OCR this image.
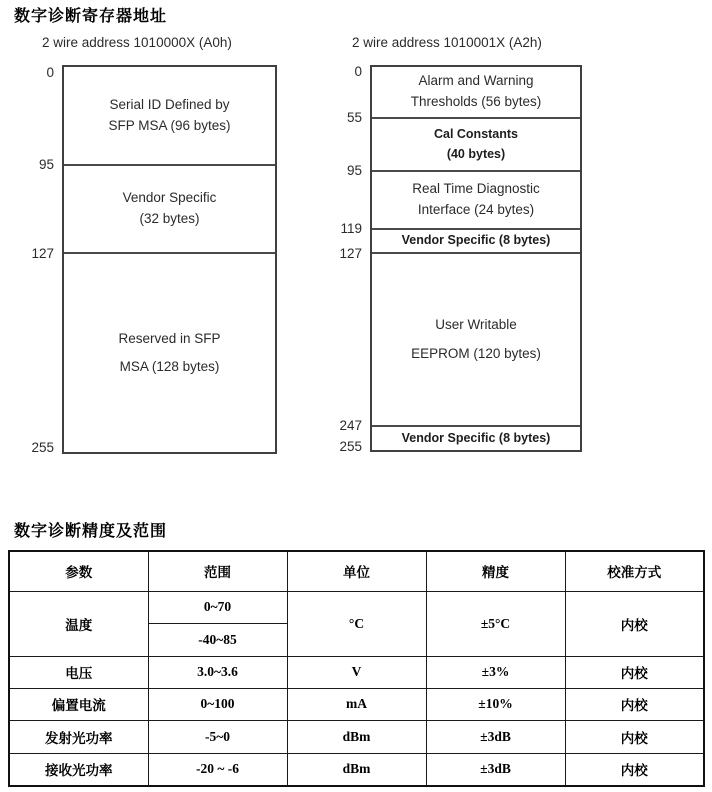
数字诊断寄存器地址
2 wire address 1010000X (A0h)
0
95
127
255
Serial ID Defined by
SFP MSA (96 bytes)
Vendor Specific
(32 bytes)
Reserved in SFP
MSA (128 bytes)
2 wire address 1010001X (A2h)
0
55
95
119
127
247
255
Alarm and Warning
Thresholds (56 bytes)
Cal Constants
(40 bytes)
Real Time Diagnostic
Interface (24 bytes)
Vendor Specific (8 bytes)
User Writable
EEPROM (120 bytes)
Vendor Specific (8 bytes)
数字诊断精度及范围
参数	范围	单位	精度	校准方式
温度	0~70	°C	±5°C	内校
	-40~85			
电压	3.0~3.6	V	±3%	内校
偏置电流	0~100	mA	±10%	内校
发射光功率	-5~0	dBm	±3dB	内校
接收光功率	-20 ~ -6	dBm	±3dB	内校
